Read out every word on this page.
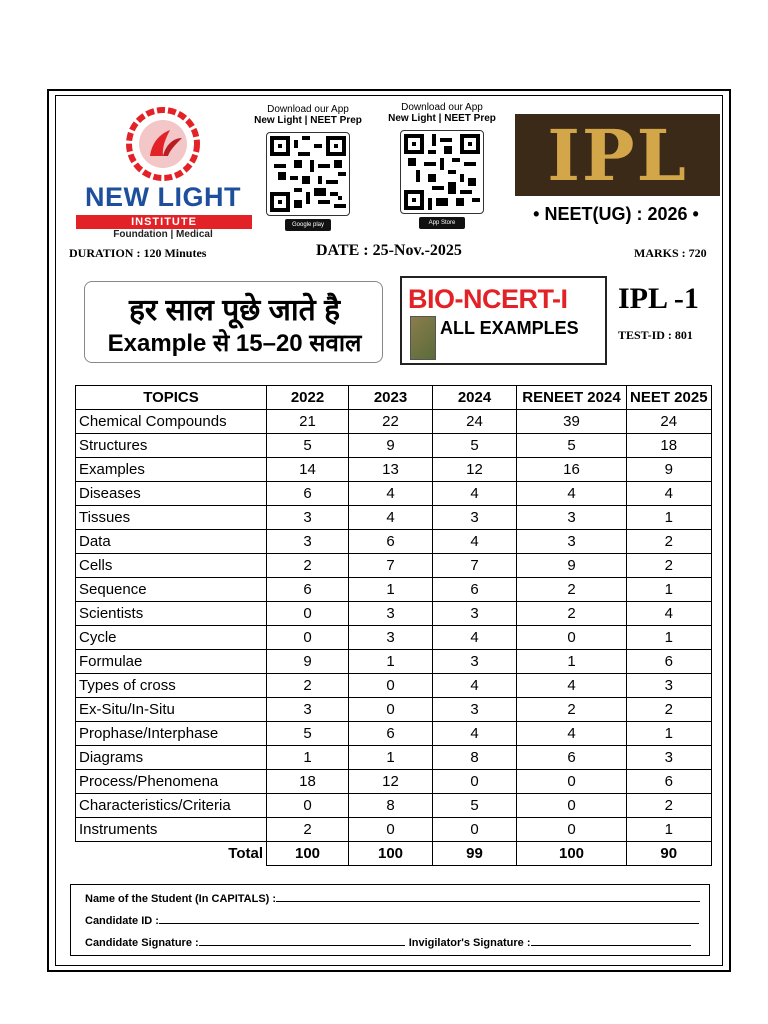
NEW LIGHT
INSTITUTE
Foundation | Medical
Download our App
New Light | NEET Prep
Google play
Download our App
New Light | NEET Prep
App Store
IPL
• NEET(UG) : 2026 •
DURATION : 120 Minutes	DATE : 25-Nov.-2025	MARKS : 720
हर साल पूछे जाते है
Example से 15–20 सवाल
BIO-NCERT-I
ALL EXAMPLES
IPL -1
TEST-ID : 801
TOPICS	2022	2023	2024	RENEET 2024	NEET 2025
Chemical Compounds	21	22	24	39	24
Structures	5	9	5	5	18
Examples	14	13	12	16	9
Diseases	6	4	4	4	4
Tissues	3	4	3	3	1
Data	3	6	4	3	2
Cells	2	7	7	9	2
Sequence	6	1	6	2	1
Scientists	0	3	3	2	4
Cycle	0	3	4	0	1
Formulae	9	1	3	1	6
Types of cross	2	0	4	4	3
Ex-Situ/In-Situ	3	0	3	2	2
Prophase/Interphase	5	6	4	4	1
Diagrams	1	1	8	6	3
Process/Phenomena	18	12	0	0	6
Characteristics/Criteria	0	8	5	0	2
Instruments	2	0	0	0	1
Total	100	100	99	100	90
Name of the Student (In CAPITALS) :
Candidate ID :
Candidate Signature :	Invigilator's Signature :
